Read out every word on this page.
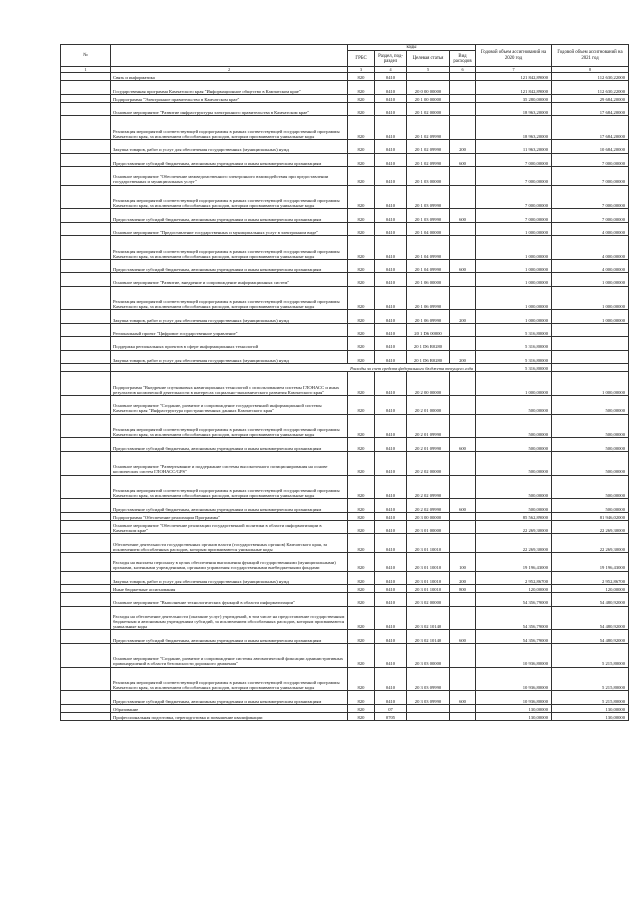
№		коды				Годовой объем ассигнований на 2020 год	Годовой объем ассигнований на 2021 год
		ГРБС	Раздел, под-раздел	Целевая статья	Вид расходов		
1	2	3	4	5	6	7	8
	Связь и информатика	820	0410			121 842,89000	112 630,22000
	Государственная программа Камчатского края "Информационное общество в Камчатском крае"	820	0410	20 0 00 00000		121 842,89000	112 630,22000
	Подпрограмма "Электронное правительство в Камчатском крае"	820	0410	20 1 00 00000		35 280,00000	29 684,20000
	Основное мероприятие "Развитие инфраструктуры электронного правительства в Камчатском крае"	820	0410	20 1 02 00000		18 963,20000	17 684,20000
	Реализация мероприятий соответствующей подпрограммы в рамках соответствующей государственной программы Камчатского края, за исключением обособленных расходов, которым присваиваются уникальные коды	820	0410	20 1 02 09990		18 963,20000	17 684,20000
	Закупка товаров, работ и услуг для обеспечения государственных (муниципальных) нужд	820	0410	20 1 02 09990	200	11 963,20000	10 684,20000
	Предоставление субсидий бюджетным, автономным учреждениям и иным некоммерческим организациям	820	0410	20 1 02 09990	600	7 000,00000	7 000,00000
	Основное мероприятие "Обеспечение межведомственного электронного взаимодействия при предоставлении государственных и муниципальных услуг"	820	0410	20 1 03 00000		7 000,00000	7 000,00000
	Реализация мероприятий соответствующей подпрограммы в рамках соответствующей государственной программы Камчатского края, за исключением обособленных расходов, которым присваиваются уникальные коды	820	0410	20 1 03 09990		7 000,00000	7 000,00000
	Предоставление субсидий бюджетным, автономным учреждениям и иным некоммерческим организациям	820	0410	20 1 03 09990	600	7 000,00000	7 000,00000
	Основное мероприятие "Предоставление государственных и муниципальных услуг в электронном виде"	820	0410	20 1 04 00000		1 000,00000	4 000,00000
	Реализация мероприятий соответствующей подпрограммы в рамках соответствующей государственной программы Камчатского края, за исключением обособленных расходов, которым присваиваются уникальные коды	820	0410	20 1 04 09990		1 000,00000	4 000,00000
	Предоставление субсидий бюджетным, автономным учреждениям и иным некоммерческим организациям	820	0410	20 1 04 09990	600	1 000,00000	4 000,00000
	Основное мероприятие "Развитие, внедрение и сопровождение информационных систем"	820	0410	20 1 06 00000		1 000,00000	1 000,00000
	Реализация мероприятий соответствующей подпрограммы в рамках соответствующей государственной программы Камчатского края, за исключением обособленных расходов, которым присваиваются уникальные коды	820	0410	20 1 06 09990		1 000,00000	1 000,00000
	Закупка товаров, работ и услуг для обеспечения государственных (муниципальных) нужд	820	0410	20 1 06 09990	200	1 000,00000	1 000,00000
	Региональный проект "Цифровое государственное управление"	820	0410	20 1 D6 00000		5 316,80000	
	Поддержка региональных проектов в сфере информационных технологий	820	0410	20 1 D6 R0280		5 316,80000	
	Закупка товаров, работ и услуг для обеспечения государственных (муниципальных) нужд	820	0410	20 1 D6 R0280	200	5 316,80000	
	Расходы за счет средств федерального бюджета текущего года					5 316,80000	
	Подпрограмма "Внедрение спутниковых навигационных технологий с использованием системы ГЛОНАСС и иных результатов космической деятельности в интересах социально-экономического развития Камчатского края"	820	0410	20 2 00 00000		1 000,00000	1 000,00000
	Основное мероприятие "Создание, развитие и сопровождение государственной информационной системы Камчатского края "Инфраструктура пространственных данных Камчатского края"	820	0410	20 2 01 00000		500,00000	500,00000
	Реализация мероприятий соответствующей подпрограммы в рамках соответствующей государственной программы Камчатского края, за исключением обособленных расходов, которым присваиваются уникальные коды	820	0410	20 2 01 09990		500,00000	500,00000
	Предоставление субсидий бюджетным, автономным учреждениям и иным некоммерческим организациям	820	0410	20 2 01 09990	600	500,00000	500,00000
	Основное мероприятие "Развертывание и поддержание системы высокоточного позиционирования на основе космических систем ГЛОНАСС/GPS"	820	0410	20 2 02 00000		500,00000	500,00000
	Реализация мероприятий соответствующей подпрограммы в рамках соответствующей государственной программы Камчатского края, за исключением обособленных расходов, которым присваиваются уникальные коды	820	0410	20 2 02 09990		500,00000	500,00000
	Предоставление субсидий бюджетным, автономным учреждениям и иным некоммерческим организациям	820	0410	20 2 02 09990	600	500,00000	500,00000
	Подпрограмма "Обеспечение реализации Программы"	820	0410	20 3 00 00000		85 562,89000	81 946,02000
	Основное мероприятие "Обеспечение реализации государственной политики в области информатизации в Камчатском крае"	820	0410	20 3 01 00000		22 269,30000	22 269,30000
	Обеспечение деятельности государственных органов власти (государственных органов) Камчатского края, за исключением обособленных расходов, которым присваиваются уникальные коды	820	0410	20 3 01 10010		22 269,30000	22 269,30000
	Расходы на выплаты персоналу в целях обеспечения выполнения функций государственными (муниципальными) органами, казенными учреждениями, органами управления государственными внебюджетными фондами	820	0410	20 3 01 10010	100	19 196,43000	19 196,43000
	Закупка товаров, работ и услуг для обеспечения государственных (муниципальных) нужд	820	0410	20 3 01 10010	200	2 952,86700	2 952,86700
	Иные бюджетные ассигнования	820	0410	20 3 01 10010	800	120,00000	120,00000
	Основное мероприятие "Выполнение технологических функций в области информатизации"	820	0410	20 3 02 00000		54 356,79000	54 480,92000
	Расходы на обеспечение деятельности (оказание услуг) учреждений, в том числе на предоставление государственным бюджетным и автономным учреждениям субсидий, за исключением обособленных расходов, которым присваиваются уникальные коды	820	0410	20 3 02 10140		54 356,79000	54 480,92000
	Предоставление субсидий бюджетным, автономным учреждениям и иным некоммерческим организациям	820	0410	20 3 02 10140	600	54 356,79000	54 480,92000
	Основное мероприятие "Создание, развитие и сопровождение системы автоматической фиксации административных правонарушений в области безопасности дорожного движения"	820	0410	20 3 03 00000		10 936,80000	5 215,80000
	Реализация мероприятий соответствующей подпрограммы в рамках соответствующей государственной программы Камчатского края, за исключением обособленных расходов, которым присваиваются уникальные коды	820	0410	20 3 03 09990		10 936,80000	5 215,80000
	Предоставление субсидий бюджетным, автономным учреждениям и иным некоммерческим организациям	820	0410	20 3 03 09990	600	10 936,80000	5 215,80000
	Образование	820	07			130,00000	130,00000
	Профессиональная подготовка, переподготовка и повышение квалификации	820	0705			130,00000	130,00000
